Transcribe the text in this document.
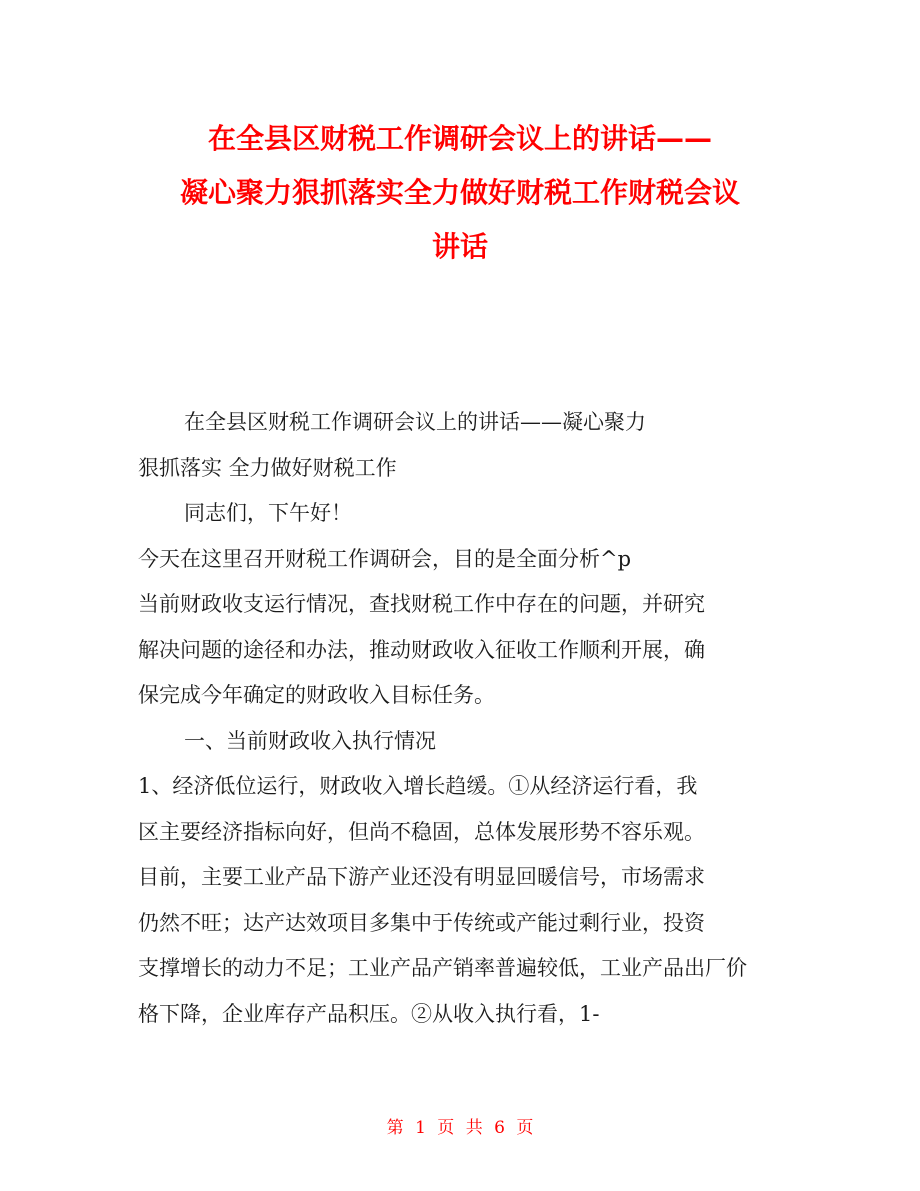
在全县区财税工作调研会议上的讲话——
凝心聚力狠抓落实全力做好财税工作财税会议
讲话

在全县区财税工作调研会议上的讲话——凝心聚力

狠抓落实 全力做好财税工作

同志们，下午好！

今天在这里召开财税工作调研会，目的是全面分析^p

当前财政收支运行情况，查找财税工作中存在的问题，并研究

解决问题的途径和办法，推动财政收入征收工作顺利开展，确

保完成今年确定的财政收入目标任务。

一、当前财政收入执行情况

1、经济低位运行，财政收入增长趋缓。①从经济运行看，我

区主要经济指标向好，但尚不稳固，总体发展形势不容乐观。

目前，主要工业产品下游产业还没有明显回暖信号，市场需求

仍然不旺；达产达效项目多集中于传统或产能过剩行业，投资

支撑增长的动力不足；工业产品产销率普遍较低，工业产品出厂价

格下降，企业库存产品积压。②从收入执行看，1-

第 1 页 共 6 页
